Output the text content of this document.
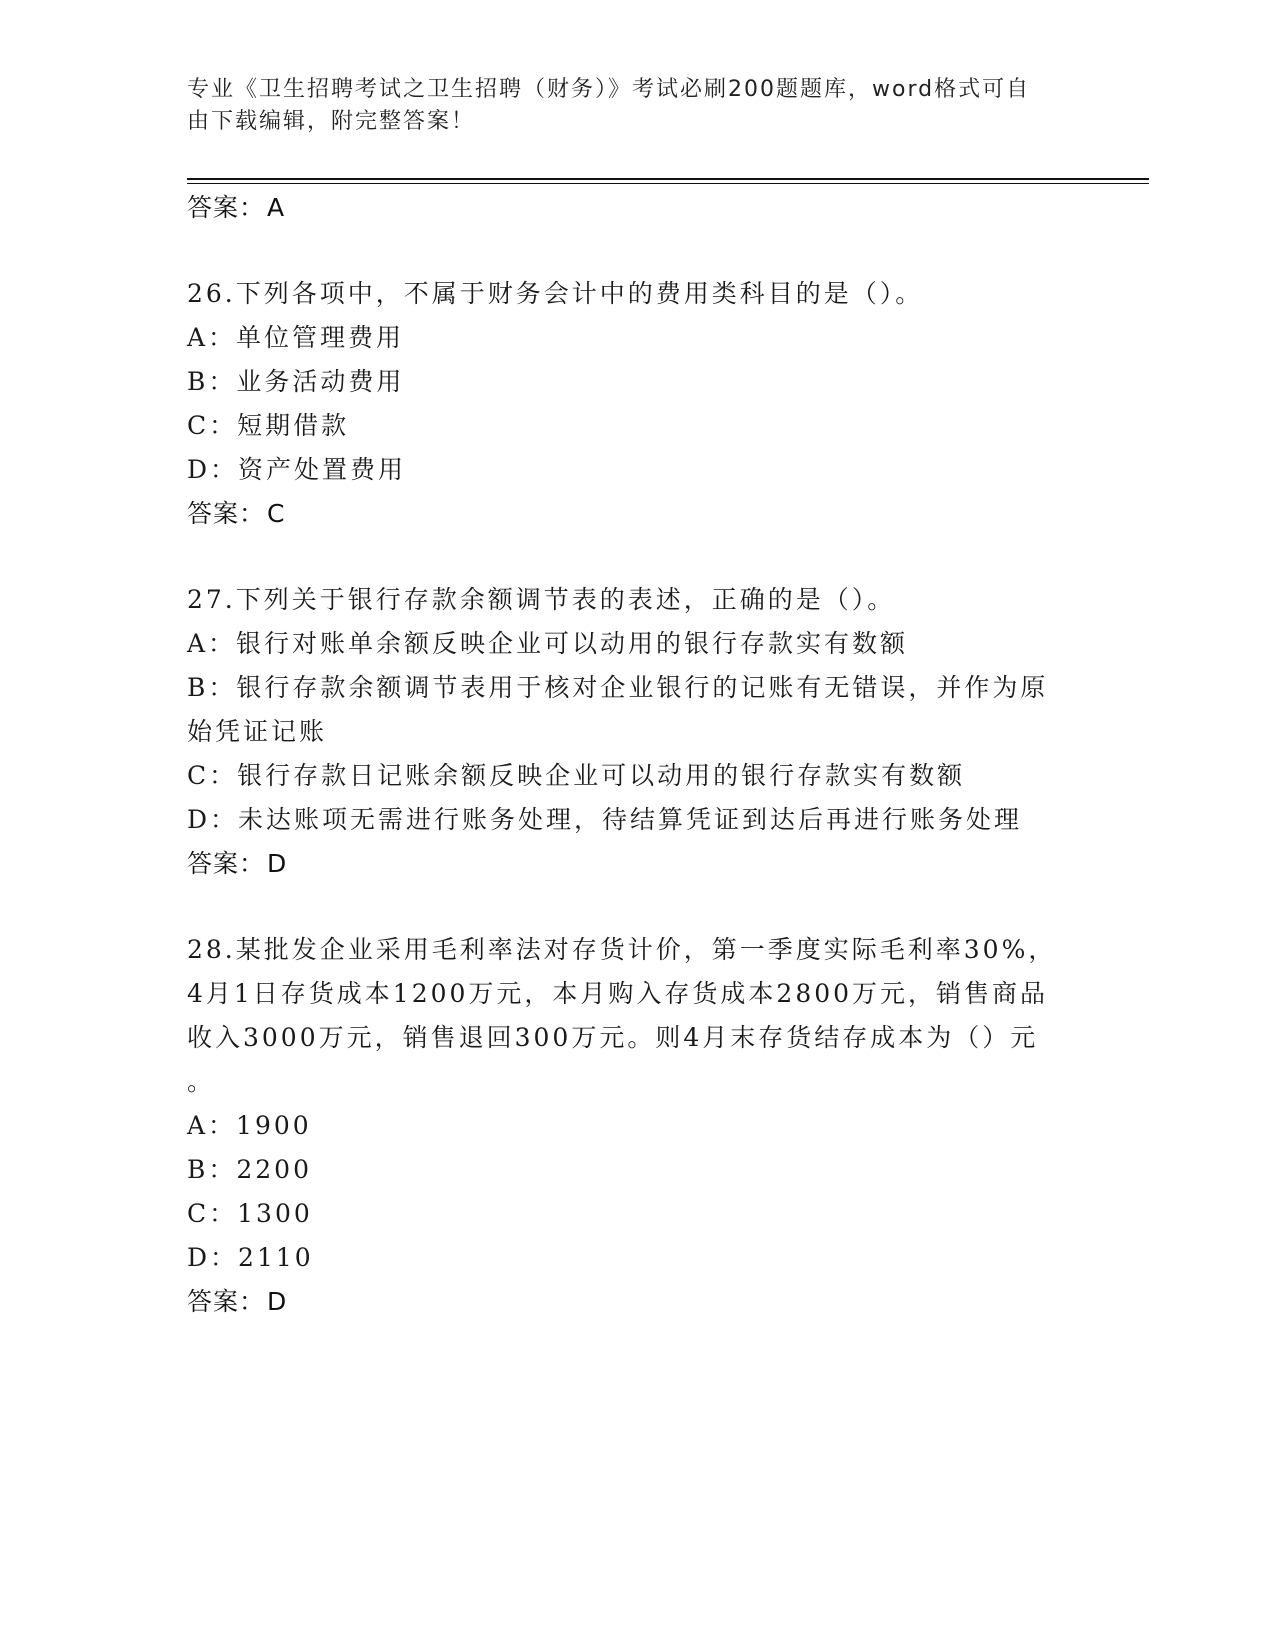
专业《卫生招聘考试之卫生招聘（财务）》考试必刷200题题库，word格式可自
由下载编辑，附完整答案！
答案：A
26.下列各项中，不属于财务会计中的费用类科目的是（）。
A：单位管理费用
B：业务活动费用
C：短期借款
D：资产处置费用
答案：C
27.下列关于银行存款余额调节表的表述，正确的是（）。
A：银行对账单余额反映企业可以动用的银行存款实有数额
B：银行存款余额调节表用于核对企业银行的记账有无错误，并作为原
始凭证记账
C：银行存款日记账余额反映企业可以动用的银行存款实有数额
D：未达账项无需进行账务处理，待结算凭证到达后再进行账务处理
答案：D
28.某批发企业采用毛利率法对存货计价，第一季度实际毛利率30%，
4月1日存货成本1200万元，本月购入存货成本2800万元，销售商品
收入3000万元，销售退回300万元。则4月末存货结存成本为（）元
。
A：1900
B：2200
C：1300
D：2110
答案：D
